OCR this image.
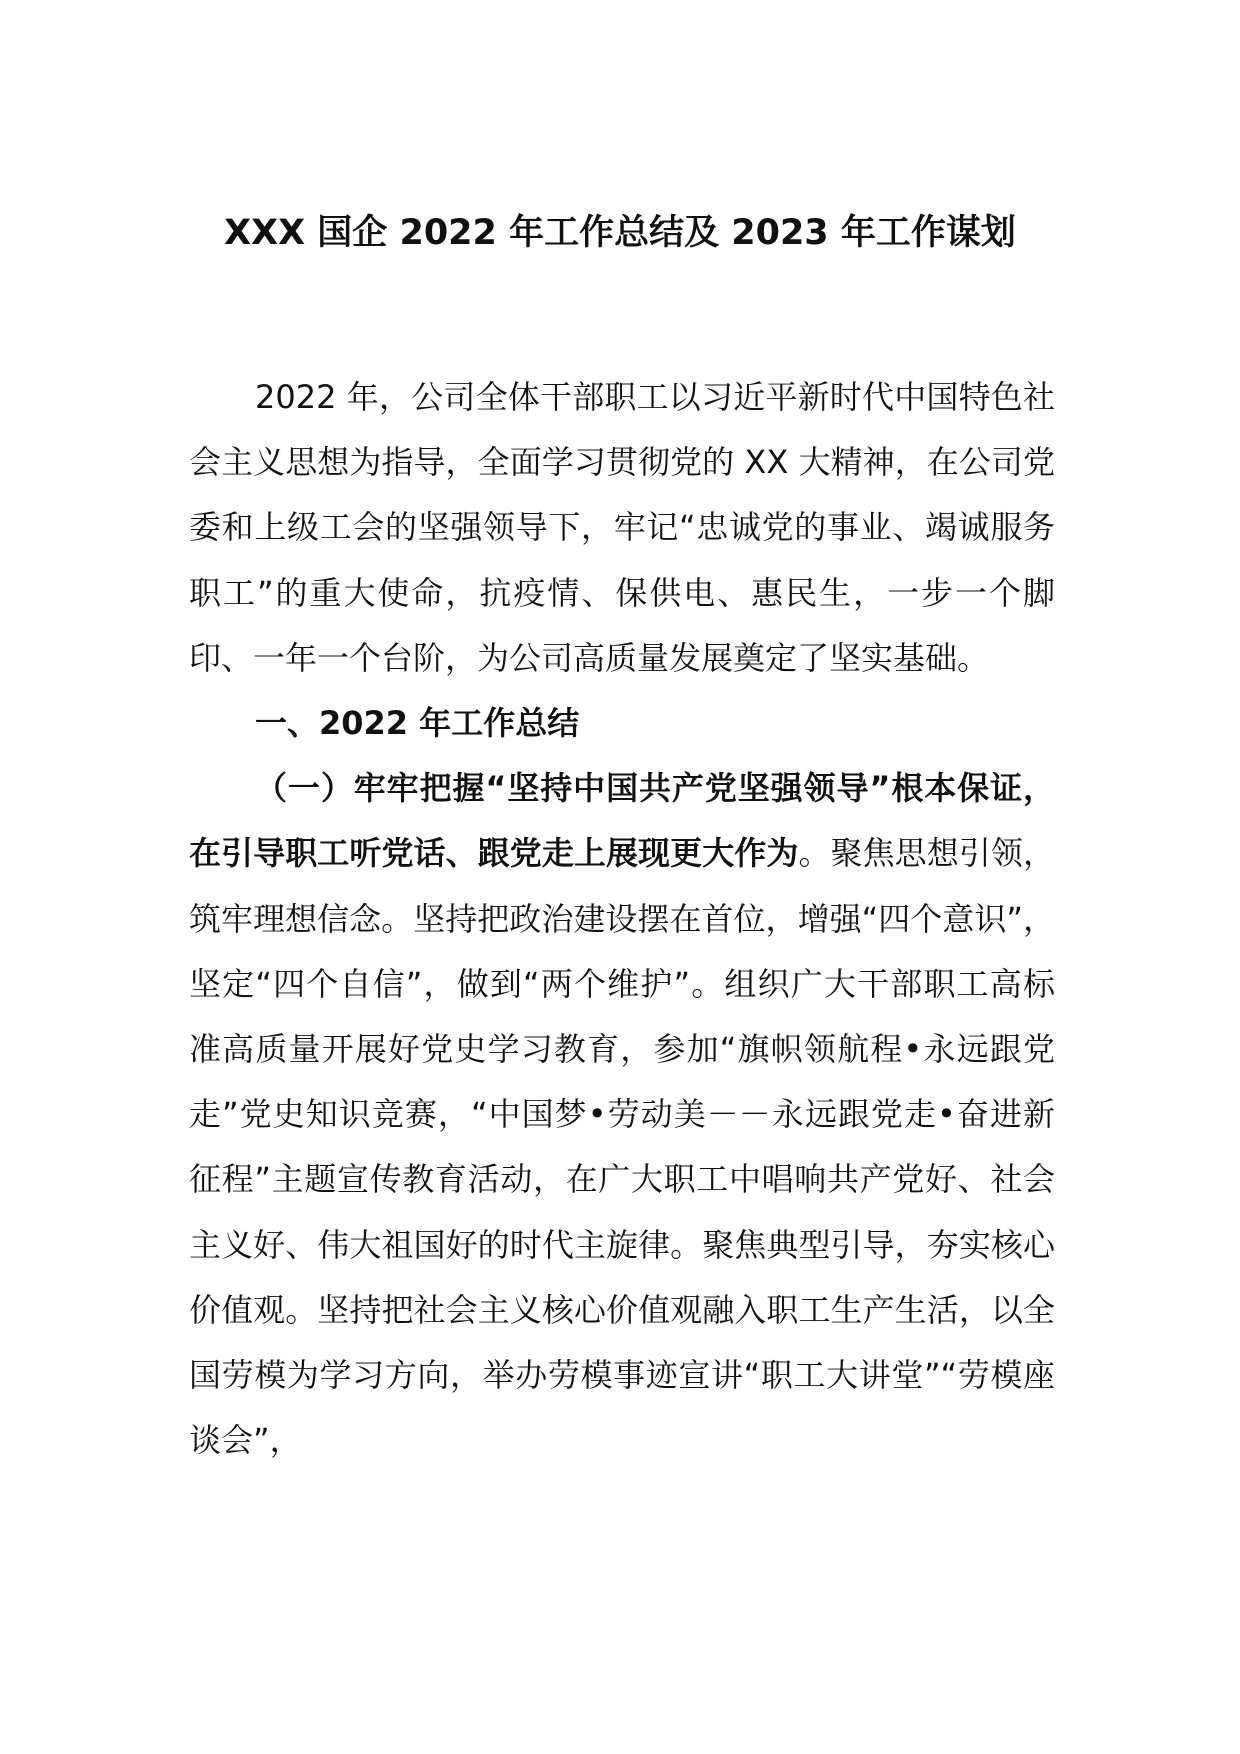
XXX 国企 2022 年工作总结及 2023 年工作谋划

2022 年，公司全体干部职工以习近平新时代中国特色社会主义思想为指导，全面学习贯彻党的 XX 大精神，在公司党委和上级工会的坚强领导下，牢记“忠诚党的事业、竭诚服务职工”的重大使命，抗疫情、保供电、惠民生，一步一个脚印、一年一个台阶，为公司高质量发展奠定了坚实基础。

一、2022 年工作总结

（一）牢牢把握“坚持中国共产党坚强领导”根本保证，在引导职工听党话、跟党走上展现更大作为。聚焦思想引领，筑牢理想信念。坚持把政治建设摆在首位，增强“四个意识”，坚定“四个自信”，做到“两个维护”。组织广大干部职工高标准高质量开展好党史学习教育，参加“旗帜领航程•永远跟党走”党史知识竞赛，“中国梦•劳动美－－永远跟党走•奋进新征程”主题宣传教育活动，在广大职工中唱响共产党好、社会主义好、伟大祖国好的时代主旋律。聚焦典型引导，夯实核心价值观。坚持把社会主义核心价值观融入职工生产生活，以全国劳模为学习方向，举办劳模事迹宣讲“职工大讲堂”“劳模座谈会”，
